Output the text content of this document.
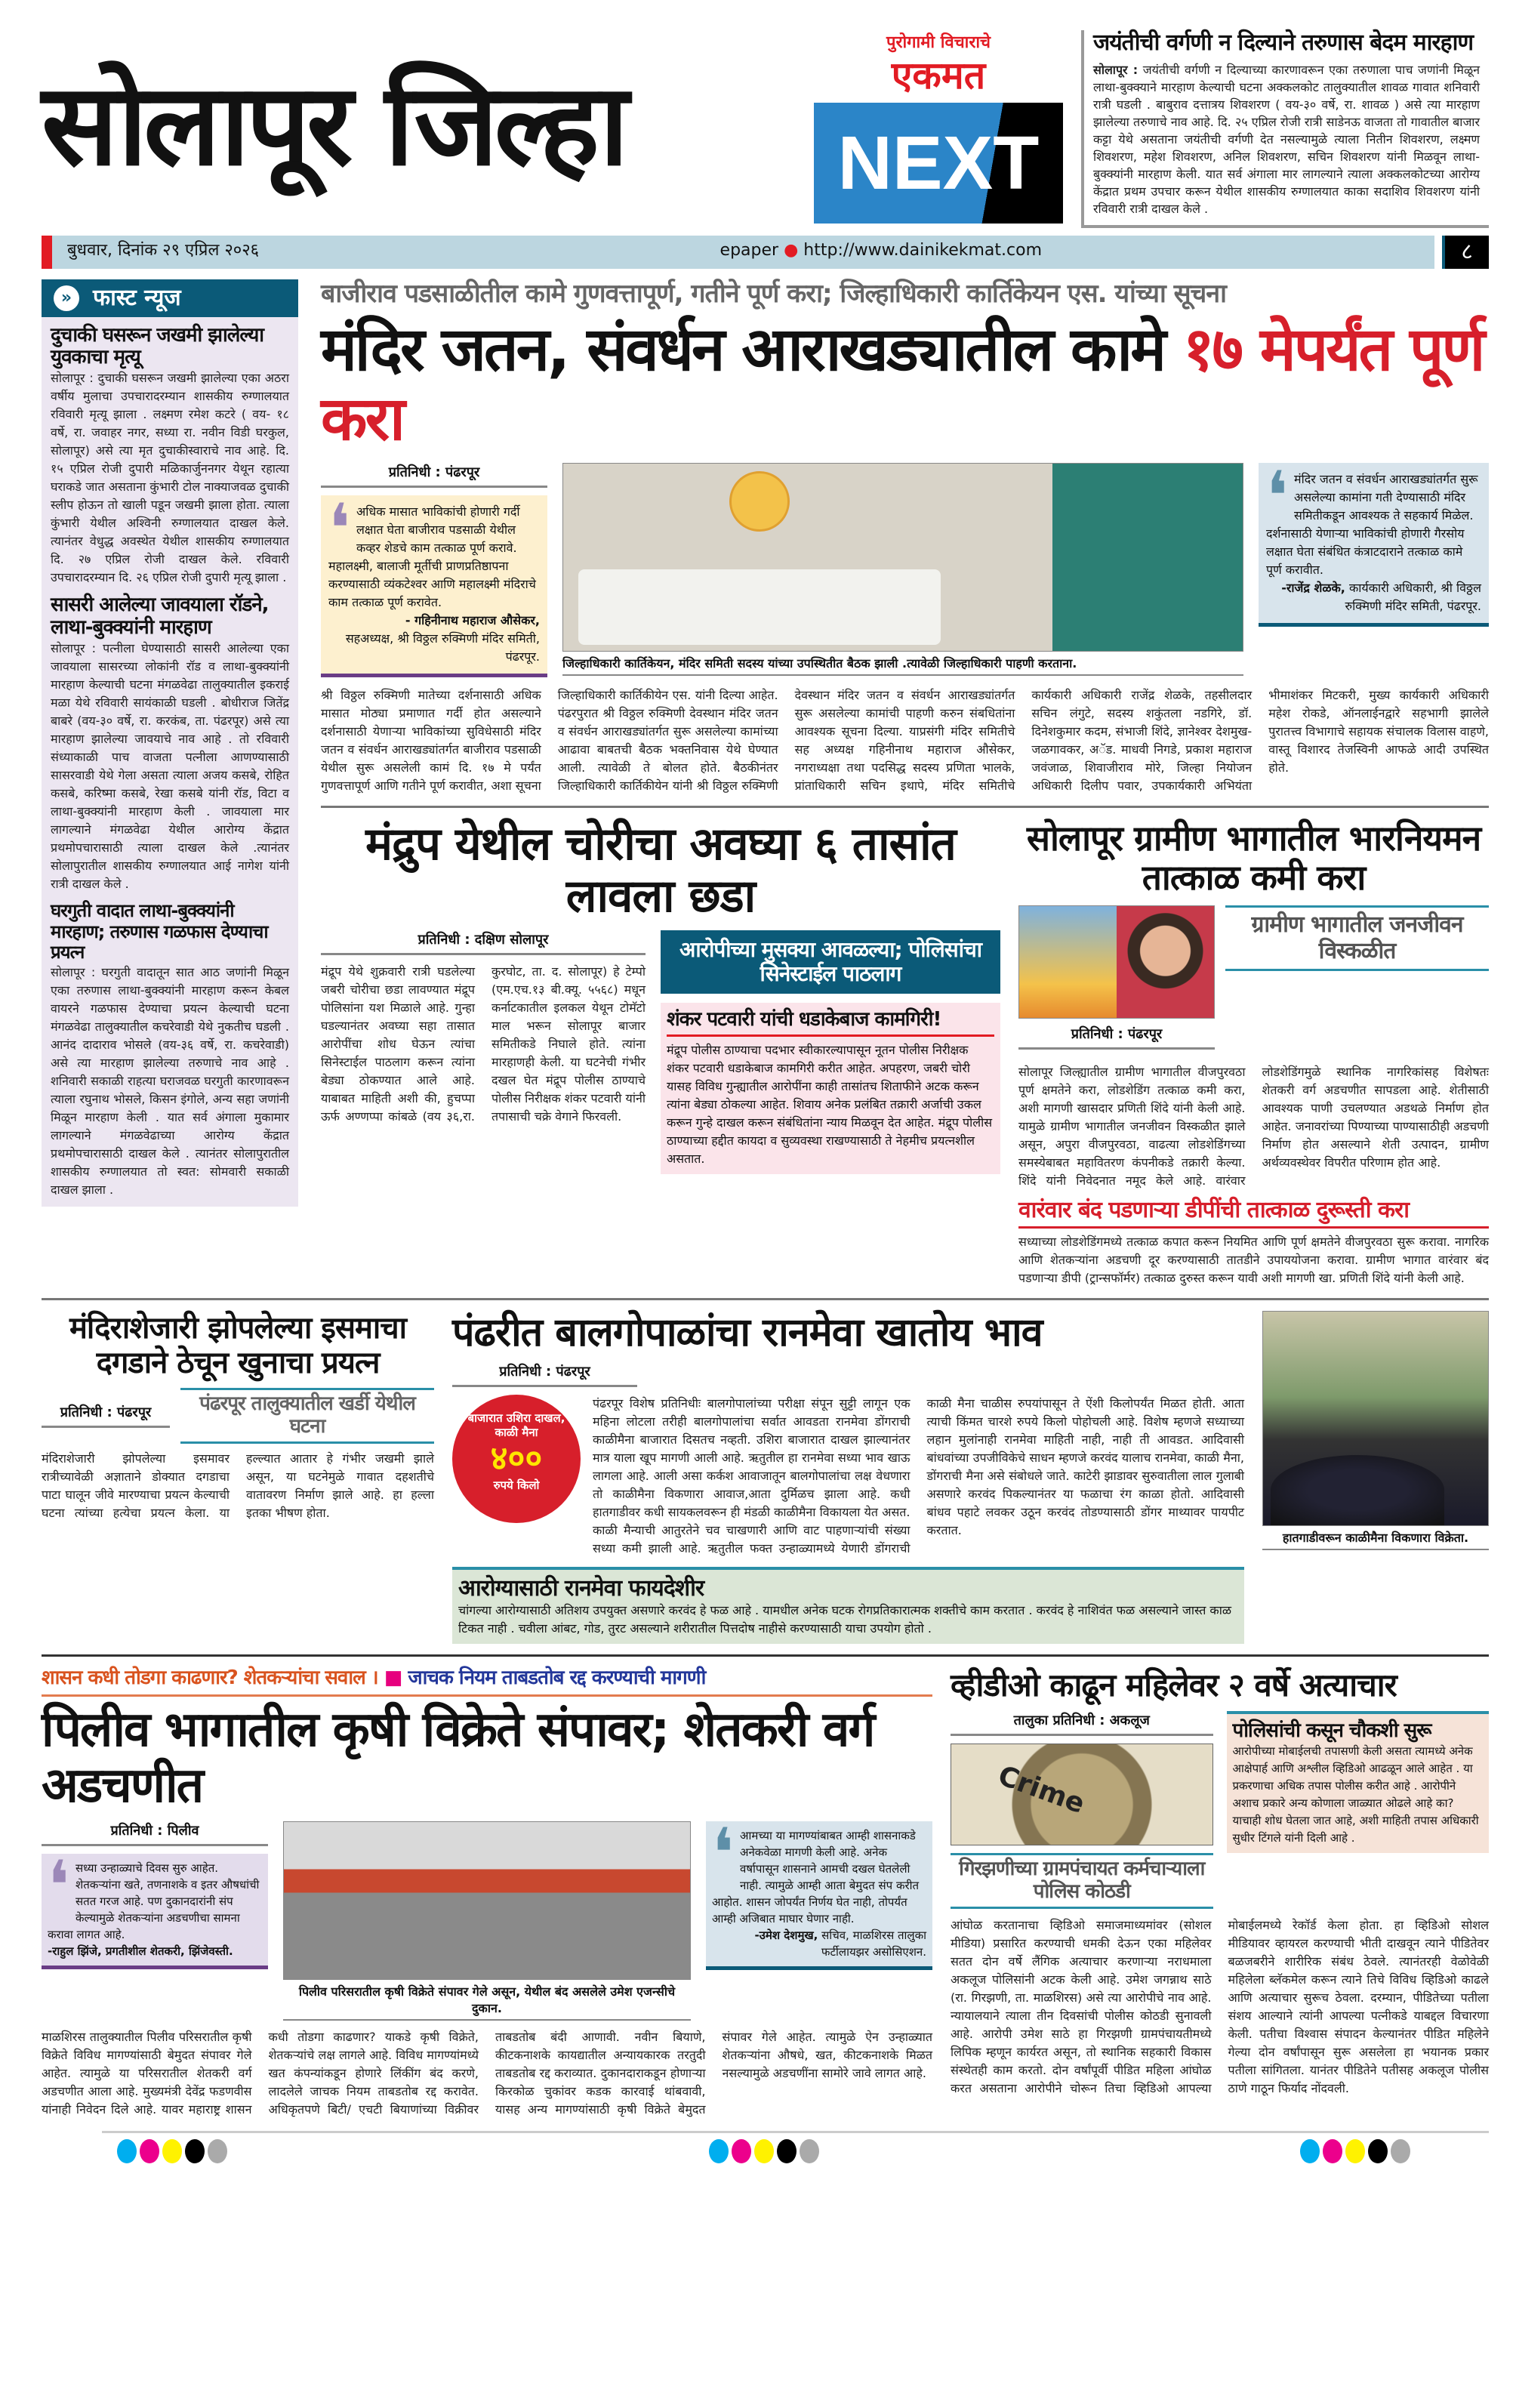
सोलापूर जिल्हा
पुरोगामी विचाराचे
एकमत
NEXT
जयंतीची वर्गणी न दिल्याने तरुणास बेदम मारहाण
सोलापूर : जयंतीची वर्गणी न दिल्याच्या कारणावरून एका तरुणाला पाच जणांनी मिळून लाथा-बुक्क्याने मारहाण केल्याची घटना अक्कलकोट तालुक्यातील शावळ गावात शनिवारी रात्री घडली . बाबुराव दत्तात्रय शिवशरण ( वय-३० वर्षे, रा. शावळ ) असे त्या मारहाण झालेल्या तरुणाचे नाव आहे. दि. २५ एप्रिल रोजी रात्री साडेनऊ वाजता तो गावातील बाजार कट्टा येथे असताना जयंतीची वर्गणी देत नसल्यामुळे त्याला नितीन शिवशरण, लक्ष्मण शिवशरण, महेश शिवशरण, अनिल शिवशरण, सचिन शिवशरण यांनी मिळवून लाथा-बुक्क्यांनी मारहाण केली. यात सर्व अंगाला मार लागल्याने त्याला अक्कलकोटच्या आरोग्य केंद्रात प्रथम उपचार करून येथील शासकीय रुग्णालयात काका सदाशिव शिवशरण यांनी रविवारी रात्री दाखल केले .
बुधवार, दिनांक २९ एप्रिल २०२६	epaper ● http://www.dainikekmat.com	८
» फास्ट न्यूज
दुचाकी घसरून जखमी झालेल्या युवकाचा मृत्यू
सोलापूर : दुचाकी घसरून जखमी झालेल्या एका अठरा वर्षीय मुलाचा उपचारादरम्यान शासकीय रुग्णालयात रविवारी मृत्यू झाला . लक्ष्मण रमेश कटरे ( वय- १८ वर्षे, रा. जवाहर नगर, सध्या रा. नवीन विडी घरकुल, सोलापूर) असे त्या मृत दुचाकीस्वाराचे नाव आहे. दि. १५ एप्रिल रोजी दुपारी मळिकार्जुननगर येथून रहात्या घराकडे जात असताना कुंभारी टोल नाक्याजवळ दुचाकी स्लीप होऊन तो खाली पडून जखमी झाला होता. त्याला कुंभारी येथील अश्विनी रुग्णालयात दाखल केले. त्यानंतर वेधुद्ध अवस्थेत येथील शासकीय रुग्णालयात दि. २७ एप्रिल रोजी दाखल केले. रविवारी उपचारादरम्यान दि. २६ एप्रिल रोजी दुपारी मृत्यू झाला .
सासरी आलेल्या जावयाला रॉडने, लाथा-बुक्क्यांनी मारहाण
सोलापूर : पत्नीला घेण्यासाठी सासरी आलेल्या एका जावयाला सासरच्या लोकांनी रॉड व लाथा-बुक्क्यांनी मारहाण केल्याची घटना मंगळवेढा तालुक्यातील इकराई मळा येथे रविवारी सायंकाळी घडली . बोधीराज जितेंद्र बाबरे (वय-३० वर्षे, रा. करकंब, ता. पंढरपूर) असे त्या मारहाण झालेल्या जावयाचे नाव आहे . तो रविवारी संध्याकाळी पाच वाजता पत्नीला आणण्यासाठी सासरवाडी येथे गेला असता त्याला अजय कसबे, रोहित कसबे, करिष्मा कसबे, रेखा कसबे यांनी रॉड, विटा व लाथा-बुक्क्यांनी मारहाण केली . जावयाला मार लागल्याने मंगळवेढा येथील आरोग्य केंद्रात प्रथमोपचारासाठी त्याला दाखल केले .त्यानंतर सोलापुरातील शासकीय रुग्णालयात आई नागेश यांनी रात्री दाखल केले .
घरगुती वादात लाथा-बुक्क्यांनी मारहाण; तरुणास गळफास देण्याचा प्रयत्न
सोलापूर : घरगुती वादातून सात आठ जणांनी मिळून एका तरुणास लाथा-बुक्क्यांनी मारहाण करून केबल वायरने गळफास देण्याचा प्रयत्न केल्याची घटना मंगळवेढा तालुक्यातील कचरेवाडी येथे नुकतीच घडली . आनंद दादाराव भोसले (वय-३६ वर्षे, रा. कचरेवाडी) असे त्या मारहाण झालेल्या तरुणाचे नाव आहे . शनिवारी सकाळी राहत्या घराजवळ घरगुती कारणावरून त्याला रघुनाथ भोसले, किसन इंगोले, अन्य सहा जणांनी मिळून मारहाण केली . यात सर्व अंगाला मुकामार लागल्याने मंगळवेढाच्या आरोग्य केंद्रात प्रथमोपचारासाठी दाखल केले . त्यानंतर सोलापुरातील शासकीय रुग्णालयात तो स्वत: सोमवारी सकाळी दाखल झाला .
बाजीराव पडसाळीतील कामे गुणवत्तापूर्ण, गतीने पूर्ण करा; जिल्हाधिकारी कार्तिकेयन एस. यांच्या सूचना
मंदिर जतन, संवर्धन आराखड्यातील कामे १७ मेपर्यंत पूर्ण करा
प्रतिनिधी : पंढरपूर
❛ अधिक मासात भाविकांची होणारी गर्दी लक्षात घेता बाजीराव पडसाळी येथील कव्हर शेडचे काम तत्काळ पूर्ण करावे. महालक्ष्मी, बालाजी मूर्तीची प्राणप्रतिष्ठापना करण्यासाठी व्यंकटेश्वर आणि महालक्ष्मी मंदिराचे काम तत्काळ पूर्ण करावेत.
- गहिनीनाथ महाराज औसेकर,
सहअध्यक्ष, श्री विठ्ठल रुक्मिणी मंदिर समिती, पंढरपूर. जिल्हाधिकारी कार्तिकेयन, मंदिर समिती सदस्य यांच्या उपस्थितीत बैठक झाली .त्यावेळी जिल्हाधिकारी पाहणी करताना.
❛ मंदिर जतन व संवर्धन आराखड्यांतर्गत सुरू असलेल्या कामांना गती देण्यासाठी मंदिर समितीकडून आवश्यक ते सहकार्य मिळेल. दर्शनासाठी येणाऱ्या भाविकांची होणारी गैरसोय लक्षात घेता संबंधित कंत्राटदाराने तत्काळ कामे पूर्ण करावीत.
-राजेंद्र शेळके, कार्यकारी अधिकारी, श्री विठ्ठल रुक्मिणी मंदिर समिती, पंढरपूर.
श्री विठ्ठल रुक्मिणी मातेच्या दर्शनासाठी अधिक मासात मोठ्या प्रमाणात गर्दी होत असल्याने दर्शनासाठी येणाऱ्या भाविकांच्या सुविधेसाठी मंदिर जतन व संवर्धन आराखड्यांतर्गत बाजीराव पडसाळी येथील सुरू असलेली कामं दि. १७ मे पर्यंत गुणवत्तापूर्ण आणि गतीने पूर्ण करावीत, अशा सूचना जिल्हाधिकारी कार्तिकीयेन एस. यांनी दिल्या आहेत. पंढरपुरात श्री विठ्ठल रुक्मिणी देवस्थान मंदिर जतन व संवर्धन आराखड्यांतर्गत सुरू असलेल्या कामांच्या आढावा बाबतची बैठक भक्तनिवास येथे घेण्यात आली. त्यावेळी ते बोलत होते. बैठकीनंतर जिल्हाधिकारी कार्तिकीयेन यांनी श्री विठ्ठल रुक्मिणी देवस्थान मंदिर जतन व संवर्धन आराखड्यांतर्गत सुरू असलेल्या कामांची पाहणी करुन संबधितांना आवश्यक सूचना दिल्या. याप्रसंगी मंदिर समितीचे सह अध्यक्ष गहिनीनाथ महाराज औसेकर, नगराध्यक्षा तथा पदसिद्ध सदस्य प्रणिता भालके, प्रांताधिकारी सचिन इथापे, मंदिर समितीचे कार्यकारी अधिकारी राजेंद्र शेळके, तहसीलदार सचिन लंगुटे, सदस्य शकुंतला नडगिरे, डॉ. दिनेशकुमार कदम, संभाजी शिंदे, ज्ञानेश्वर देशमुख-जळगावकर, अॅड. माधवी निगडे, प्रकाश महाराज जवंजाळ, शिवाजीराव मोरे, जिल्हा नियोजन अधिकारी दिलीप पवार, उपकार्यकारी अभियंता भीमाशंकर मिटकरी, मुख्य कार्यकारी अधिकारी महेश रोकडे, ऑनलाईनद्वारे सहभागी झालेले पुरातत्त्व विभागाचे सहायक संचालक विलास वाहणे, वास्तू विशारद तेजस्विनी आफळे आदी उपस्थित होते.
मंद्रुप येथील चोरीचा अवघ्या ६ तासांत लावला छडा
प्रतिनिधी : दक्षिण सोलापूर
मंद्रूप येथे शुक्रवारी रात्री घडलेल्या जबरी चोरीचा छडा लावण्यात मंद्रूप पोलिसांना यश मिळाले आहे. गुन्हा घडल्यानंतर अवघ्या सहा तासात आरोपींचा शोध घेऊन त्यांचा सिनेस्टाईल पाठलाग करून त्यांना बेड्या ठोकण्यात आले आहे. याबाबत माहिती अशी की, हुचप्पा ऊर्फ अण्णप्पा कांबळे (वय ३६,रा. कुरघोट, ता. द. सोलापूर) हे टेम्पो (एम.एच.१३ बी.क्यू. ५५६८) मधून कर्नाटकातील इलकल येथून टोमॅटो माल भरून सोलापूर बाजार समितीकडे निघाले होते. त्यांना मारहाणही केली. या घटनेची गंभीर दखल घेत मंद्रूप पोलीस ठाण्याचे पोलीस निरीक्षक शंकर पटवारी यांनी तपासाची चक्रे वेगाने फिरवली.
आरोपीच्या मुसक्या आवळल्या; पोलिसांचा सिनेस्टाईल पाठलाग
शंकर पटवारी यांची धडाकेबाज कामगिरी!
मंद्रूप पोलीस ठाण्याचा पदभार स्वीकारल्यापासून नूतन पोलीस निरीक्षक शंकर पटवारी धडाकेबाज कामगिरी करीत आहेत. अपहरण, जबरी चोरी यासह विविध गुन्ह्यातील आरोपींना काही तासांतच शिताफीने अटक करून त्यांना बेड्या ठोकल्या आहेत. शिवाय अनेक प्रलंबित तक्रारी अर्जाची उकल करून गुन्हे दाखल करून संबंधितांना न्याय मिळवून देत आहेत. मंद्रूप पोलीस ठाण्याच्या हद्दीत कायदा व सुव्यवस्था राखण्यासाठी ते नेहमीच प्रयत्नशील असतात.
सोलापूर ग्रामीण भागातील भारनियमन तात्काळ कमी करा
प्रतिनिधी : पंढरपूर
ग्रामीण भागातील जनजीवन विस्कळीत
सोलापूर जिल्ह्यातील ग्रामीण भागातील वीजपुरवठा पूर्ण क्षमतेने करा, लोडशेडिंग तत्काळ कमी करा, अशी मागणी खासदार प्रणिती शिंदे यांनी केली आहे. यामुळे ग्रामीण भागातील जनजीवन विस्कळीत झाले असून, अपुरा वीजपुरवठा, वाढत्या लोडशेडिंगच्या समस्येबाबत महावितरण कंपनीकडे तक्रारी केल्या. शिंदे यांनी निवेदनात नमूद केले आहे. वारंवार लोडशेडिंगमुळे स्थानिक नागरिकांसह विशेषतः शेतकरी वर्ग अडचणीत सापडला आहे. शेतीसाठी आवश्यक पाणी उचलण्यात अडथळे निर्माण होत आहेत. जनावरांच्या पिण्याच्या पाण्यासाठीही अडचणी निर्माण होत असल्याने शेती उत्पादन, ग्रामीण अर्थव्यवस्थेवर विपरीत परिणाम होत आहे.
वारंवार बंद पडणाऱ्या डीपींची तात्काळ दुरूस्ती करा
सध्याच्या लोडशेडिंगमध्ये तत्काळ कपात करून नियमित आणि पूर्ण क्षमतेने वीजपुरवठा सुरू करावा. नागरिक आणि शेतकऱ्यांना अडचणी दूर करण्यासाठी तातडीने उपाययोजना करावा. ग्रामीण भागात वारंवार बंद पडणाऱ्या डीपी (ट्रान्सफॉर्मर) तत्काळ दुरुस्त करून यावी अशी मागणी खा. प्रणिती शिंदे यांनी केली आहे.
मंदिराशेजारी झोपलेल्या इसमाचा दगडाने ठेचून खुनाचा प्रयत्न
प्रतिनिधी : पंढरपूर	पंढरपूर तालुक्यातील खर्डी येथील घटना
मंदिराशेजारी झोपलेल्या इसमावर रात्रीच्यावेळी अज्ञाताने डोक्यात दगडाचा पाटा घालून जीवे मारण्याचा प्रयत्न केल्याची घटना त्यांच्या हत्येचा प्रयत्न केला. या हल्ल्यात आतार हे गंभीर जखमी झाले असून, या घटनेमुळे गावात दहशतीचे वातावरण निर्माण झाले आहे. हा हल्ला इतका भीषण होता.
पंढरीत बालगोपाळांचा रानमेवा खातोय भाव
प्रतिनिधी : पंढरपूर
बाजारात उशिरा दाखल, काळी मैना
४००
रुपये किलो
पंढरपूर विशेष प्रतिनिधीः बालगोपालांच्या परीक्षा संपून सुट्टी लागून एक महिना लोटला तरीही बालगोपालांचा सर्वात आवडता रानमेवा डोंगराची काळीमैना बाजारात दिसतच नव्हती. उशिरा बाजारात दाखल झाल्यानंतर मात्र याला खूप मागणी आली आहे. ऋतुतील हा रानमेवा सध्या भाव खाऊ लागला आहे. आली असा कर्कश आवाजातून बालगोपालांचा लक्ष वेधणारा तो काळीमैना विकणारा आवाज,आता दुर्मिळच झाला आहे. कधी हातगाडीवर कधी सायकलवरून ही मंडळी काळीमैना विकायला येत असत. काळी मैन्याची आतुरतेने चव चाखणारी आणि वाट पाहणाऱ्यांची संख्या सध्या कमी झाली आहे. ऋतुतील फक्त उन्हाळ्यामध्ये येणारी डोंगराची काळी मैना चाळीस रुपयांपासून ते ऐंशी किलोपर्यंत मिळत होती. आता त्याची किंमत चारशे रुपये किलो पोहोचली आहे. विशेष म्हणजे सध्याच्या लहान मुलांनाही रानमेवा माहिती नाही, नाही ती आवडत. आदिवासी बांधवांच्या उपजीविकेचे साधन म्हणजे करवंद यालाच रानमेवा, काळी मैना, डोंगराची मैना असे संबोधले जाते. काटेरी झाडावर सुरुवातीला लाल गुलाबी असणारे करवंद पिकल्यानंतर या फळाचा रंग काळा होतो. आदिवासी बांधव पहाटे लवकर उठून करवंद तोडण्यासाठी डोंगर माथ्यावर पायपीट करतात.
आरोग्यासाठी रानमेवा फायदेशीर
चांगल्या आरोग्यासाठी अतिशय उपयुक्त असणारे करवंद हे फळ आहे . यामधील अनेक घटक रोगप्रतिकारात्मक शक्तीचे काम करतात . करवंद हे नाशिवंत फळ असल्याने जास्त काळ टिकत नाही . चवीला आंबट, गोड, तुरट असल्याने शरीरातील पित्तदोष नाहीसे करण्यासाठी याचा उपयोग होतो .
हातगाडीवरून काळीमैना विकणारा विक्रेता.
शासन कधी तोडगा काढणार? शेतकऱ्यांचा सवाल । ■ जाचक नियम ताबडतोब रद्द करण्याची मागणी
पिलीव भागातील कृषी विक्रेते संपावर; शेतकरी वर्ग अडचणीत
प्रतिनिधी : पिलीव
❛ सध्या उन्हाळ्याचे दिवस सुरु आहेत. शेतकऱ्यांना खते, तणनाशके व इतर औषधांची सतत गरज आहे. पण दुकानदारांनी संप केल्यामुळे शेतकऱ्यांना अडचणीचा सामना करावा लागत आहे.
-राहुल झिंजे, प्रगतीशील शेतकरी, झिंजेवस्ती.
पिलीव परिसरातील कृषी विक्रेते संपावर गेले असून, येथील बंद असलेले उमेश एजन्सीचे दुकान.
❛ आमच्या या मागण्यांबाबत आम्ही शासनाकडे अनेकवेळा मागणी केली आहे. अनेक वर्षापासून शासनाने आमची दखल घेतलेली नाही. त्यामुळे आम्ही आता बेमुदत संप करीत आहोत. शासन जोपर्यंत निर्णय घेत नाही, तोपर्यंत आम्ही अजिबात माघार घेणार नाही.
-उमेश देशमुख, सचिव, माळशिरस तालुका फर्टीलायझर असोसिएशन.
माळशिरस तालुक्यातील पिलीव परिसरातील कृषी विक्रेते विविध मागण्यांसाठी बेमुदत संपावर गेले आहेत. त्यामुळे या परिसरातील शेतकरी वर्ग अडचणीत आला आहे. मुख्यमंत्री देवेंद्र फडणवीस यांनाही निवेदन दिले आहे. यावर महाराष्ट्र शासन कधी तोडगा काढणार? याकडे कृषी विक्रेते, शेतकऱ्यांचे लक्ष लागले आहे. विविध मागण्यांमध्ये खत कंपन्यांकडून होणारे लिंकींग बंद करणे, लादलेले जाचक नियम ताबडतोब रद्द करावेत. अधिकृतपणे बिटी/ एचटी बियाणांच्या विक्रीवर ताबडतोब बंदी आणावी. नवीन बियाणे, कीटकनाशके कायद्यातील अन्यायकारक तरतुदी ताबडतोब रद्द कराव्यात. दुकानदाराकडून होणाऱ्या किरकोळ चुकांवर कडक कारवाई थांबवावी, यासह अन्य मागण्यांसाठी कृषी विक्रेते बेमुदत संपावर गेले आहेत. त्यामुळे ऐन उन्हाळ्यात शेतकऱ्यांना औषधे, खत, कीटकनाशके मिळत नसल्यामुळे अडचणींना सामोरे जावे लागत आहे.
व्हीडीओ काढून महिलेवर २ वर्षे अत्याचार
तालुका प्रतिनिधी : अकलूज
Crime
गिरझणीच्या ग्रामपंचायत कर्मचाऱ्याला पोलिस कोठडी
पोलिसांची कसून चौकशी सुरू
आरोपीच्या मोबाईलची तपासणी केली असता त्यामध्ये अनेक आक्षेपार्ह आणि अश्लील व्हिडिओ आढळून आले आहेत . या प्रकरणाचा अधिक तपास पोलीस करीत आहे . आरोपीने अशाच प्रकारे अन्य कोणाला जाळ्यात ओढले आहे का? याचाही शोध घेतला जात आहे, अशी माहिती तपास अधिकारी सुधीर टिंगले यांनी दिली आहे .
आंघोळ करतानाचा व्हिडिओ समाजमाध्यमांवर (सोशल मीडिया) प्रसारित करण्याची धमकी देऊन एका महिलेवर सतत दोन वर्षे लैंगिक अत्याचार करणाऱ्या नराधमाला अकलूज पोलिसांनी अटक केली आहे. उमेश जगन्नाथ साठे (रा. गिरझणी, ता. माळशिरस) असे त्या आरोपीचे नाव आहे. न्यायालयाने त्याला तीन दिवसांची पोलीस कोठडी सुनावली आहे. आरोपी उमेश साठे हा गिरझणी ग्रामपंचायतीमध्ये लिपिक म्हणून कार्यरत असून, तो स्थानिक सहकारी विकास संस्थेतही काम करतो. दोन वर्षांपूर्वी पीडित महिला आंघोळ करत असताना आरोपीने चोरून तिचा व्हिडिओ आपल्या मोबाईलमध्ये रेकॉर्ड केला होता. हा व्हिडिओ सोशल मीडियावर व्हायरल करण्याची भीती दाखवून त्याने पीडितेवर बळजबरीने शारीरिक संबंध ठेवले. त्यानंतरही वेळोवेळी महिलेला ब्लॅकमेल करून त्याने तिचे विविध व्हिडिओ काढले आणि अत्याचार सुरूच ठेवला. दरम्यान, पीडितेच्या पतीला संशय आल्याने त्यांनी आपल्या पत्नीकडे याबद्दल विचारणा केली. पतीचा विश्वास संपादन केल्यानंतर पीडित महिलेने गेल्या दोन वर्षांपासून सुरू असलेला हा भयानक प्रकार पतीला सांगितला. यानंतर पीडितेने पतीसह अकलूज पोलीस ठाणे गाठून फिर्याद नोंदवली.
